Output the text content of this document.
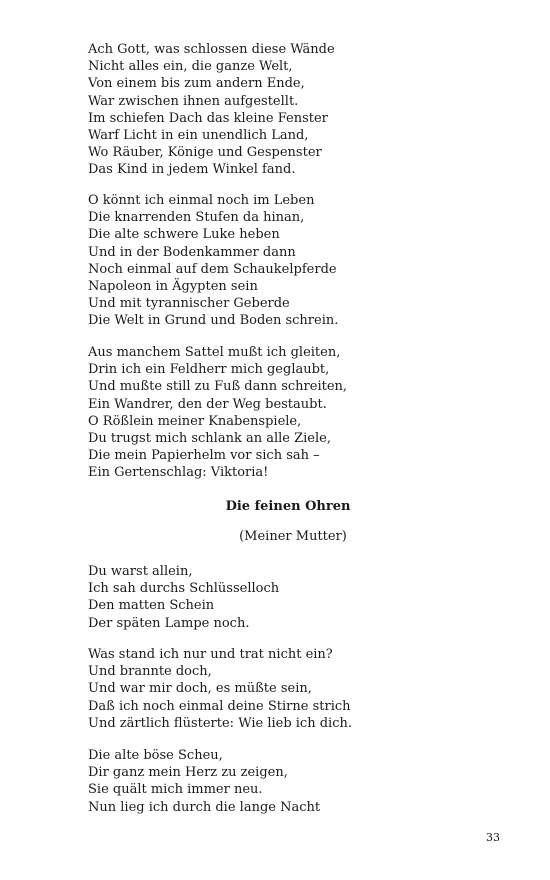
Ach Gott, was schlossen diese Wände
Nicht alles ein, die ganze Welt,
Von einem bis zum andern Ende,
War zwischen ihnen aufgestellt.
Im schiefen Dach das kleine Fenster
Warf Licht in ein unendlich Land,
Wo Räuber, Könige und Gespenster
Das Kind in jedem Winkel fand.
O könnt ich einmal noch im Leben
Die knarrenden Stufen da hinan,
Die alte schwere Luke heben
Und in der Bodenkammer dann
Noch einmal auf dem Schaukelpferde
Napoleon in Ägypten sein
Und mit tyrannischer Geberde
Die Welt in Grund und Boden schrein.
Aus manchem Sattel mußt ich gleiten,
Drin ich ein Feldherr mich geglaubt,
Und mußte still zu Fuß dann schreiten,
Ein Wandrer, den der Weg bestaubt.
O Rößlein meiner Knabenspiele,
Du trugst mich schlank an alle Ziele,
Die mein Papierhelm vor sich sah –
Ein Gertenschlag: Viktoria!
Die feinen Ohren
(Meiner Mutter)
Du warst allein,
Ich sah durchs Schlüsselloch
Den matten Schein
Der späten Lampe noch.
Was stand ich nur und trat nicht ein?
Und brannte doch,
Und war mir doch, es müßte sein,
Daß ich noch einmal deine Stirne strich
Und zärtlich flüsterte: Wie lieb ich dich.
Die alte böse Scheu,
Dir ganz mein Herz zu zeigen,
Sie quält mich immer neu.
Nun lieg ich durch die lange Nacht
33
